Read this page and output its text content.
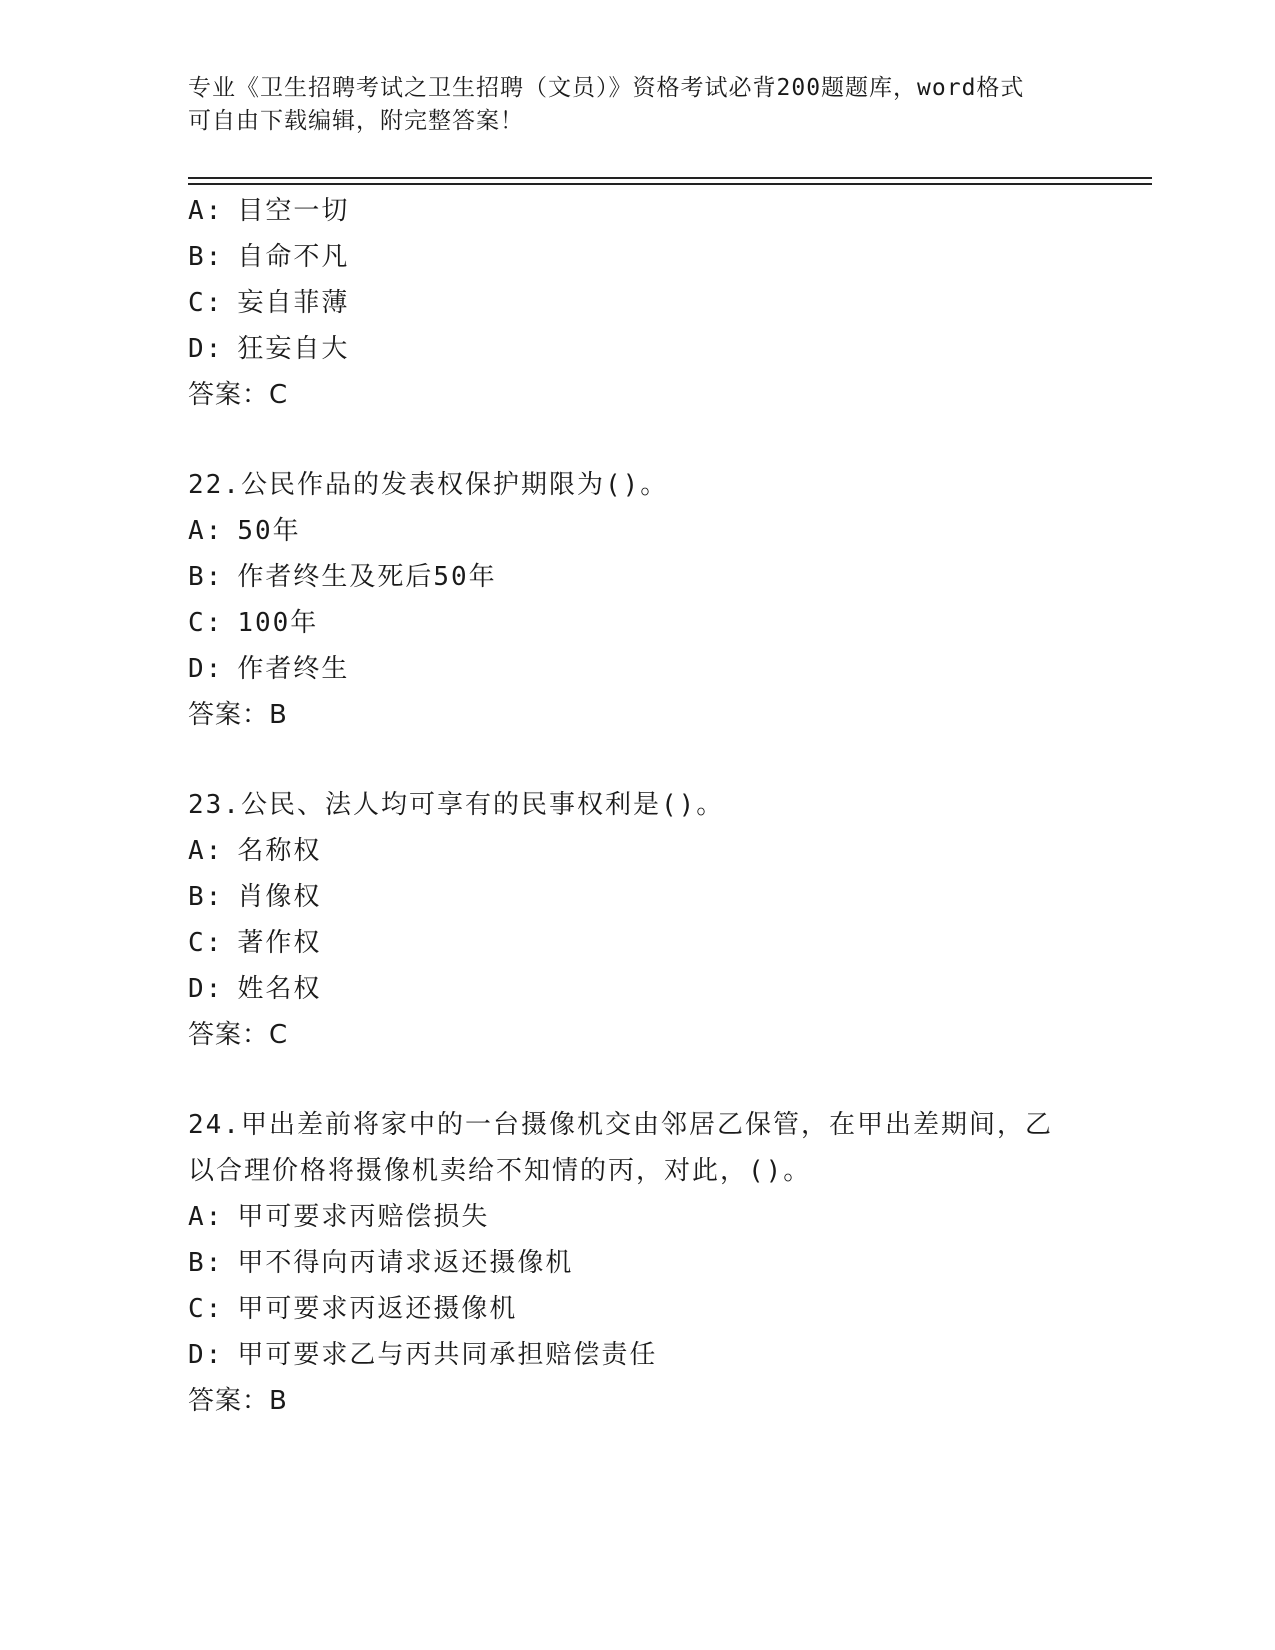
专业《卫生招聘考试之卫生招聘（文员）》资格考试必背200题题库，word格式
可自由下载编辑，附完整答案！
A: 目空一切
B: 自命不凡
C: 妄自菲薄
D: 狂妄自大
答案：C
22.公民作品的发表权保护期限为()。
A: 50年
B: 作者终生及死后50年
C: 100年
D: 作者终生
答案：B
23.公民、法人均可享有的民事权利是()。
A: 名称权
B: 肖像权
C: 著作权
D: 姓名权
答案：C
24.甲出差前将家中的一台摄像机交由邻居乙保管，在甲出差期间，乙
以合理价格将摄像机卖给不知情的丙，对此，()。
A: 甲可要求丙赔偿损失
B: 甲不得向丙请求返还摄像机
C: 甲可要求丙返还摄像机
D: 甲可要求乙与丙共同承担赔偿责任
答案：B
